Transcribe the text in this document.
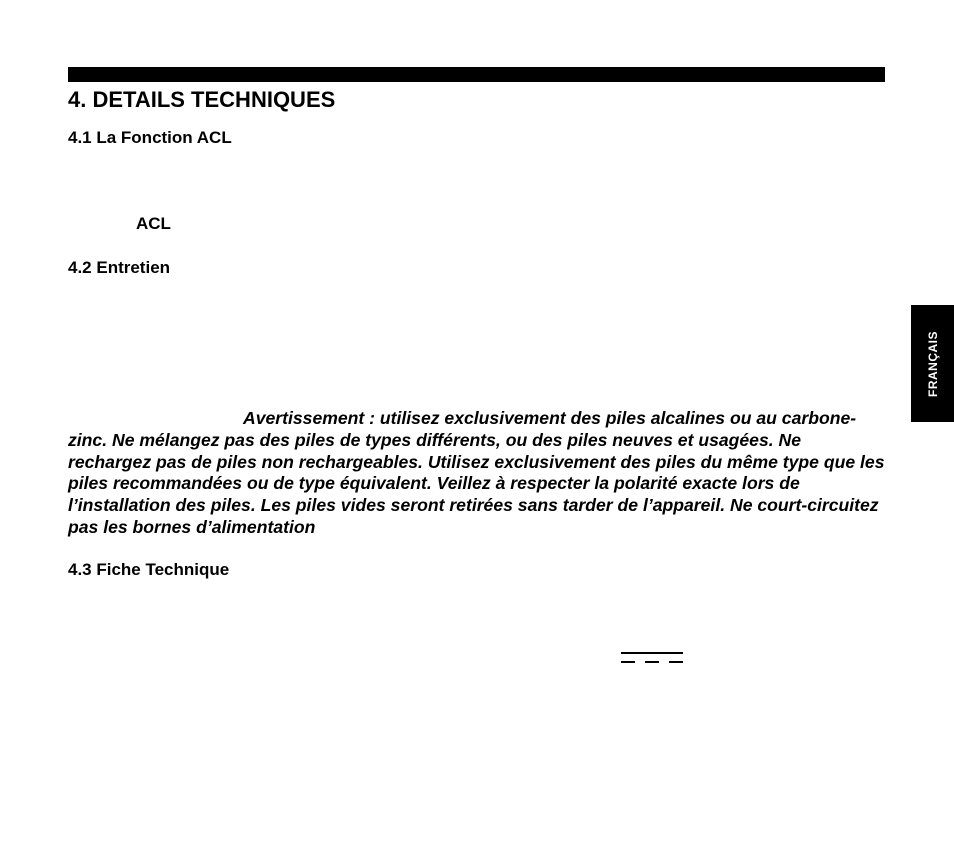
4. DETAILS TECHNIQUES
4.1 La Fonction ACL
ACL
4.2 Entretien

Avertissement : utilisez exclusivement des piles alcalines ou au carbone-zinc. Ne mélangez pas des piles de types différents, ou des piles neuves et usagées. Ne rechargez pas de piles non rechargeables. Utilisez exclusivement des piles du même type que les piles recommandées ou de type équivalent. Veillez à respecter la polarité exacte lors de l’installation des piles. Les piles vides seront retirées sans tarder de l’appareil. Ne court-circuitez pas les bornes d’alimentation

4.3 Fiche Technique
FRANÇAIS
